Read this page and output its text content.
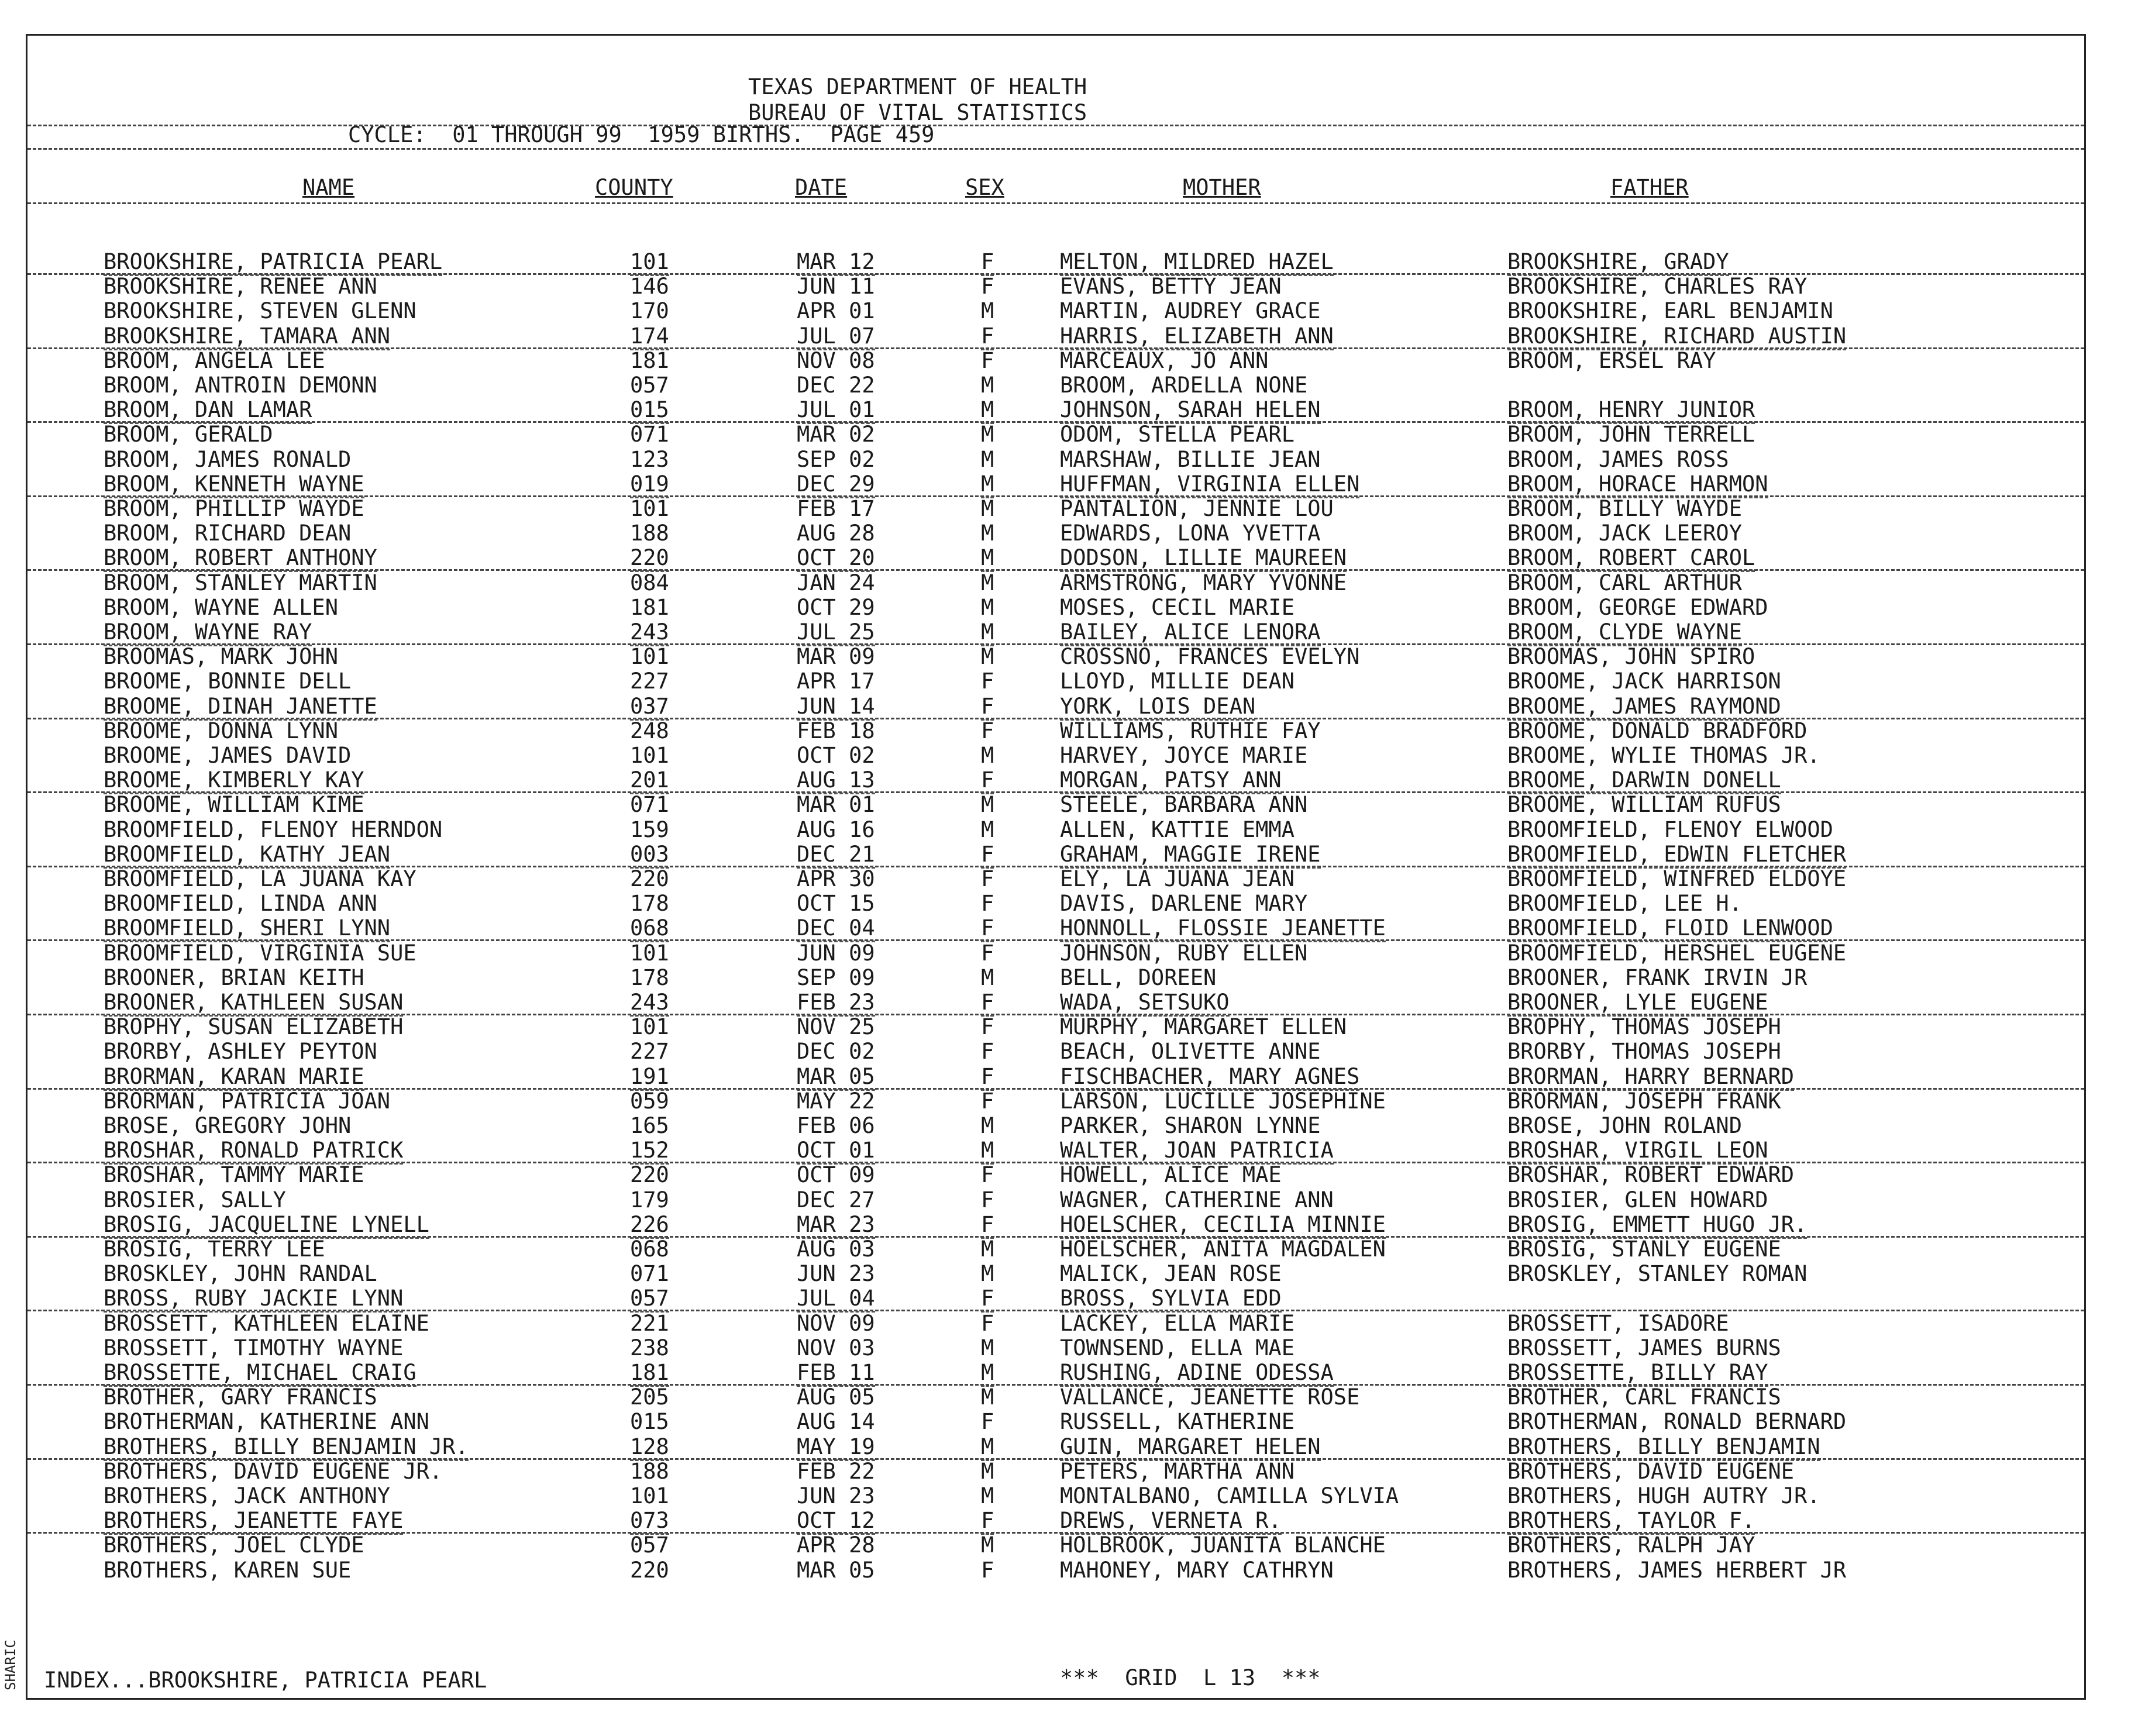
TEXAS DEPARTMENT OF HEALTH
BUREAU OF VITAL STATISTICS
CYCLE:  01 THROUGH 99  1959 BIRTHS.  PAGE 459
NAME	COUNTY	DATE	SEX	MOTHER	FATHER
BROOKSHIRE, PATRICIA PEARL	101	MAR 12	F	MELTON, MILDRED HAZEL	BROOKSHIRE, GRADY
BROOKSHIRE, RENEE ANN	146	JUN 11	F	EVANS, BETTY JEAN	BROOKSHIRE, CHARLES RAY
BROOKSHIRE, STEVEN GLENN	170	APR 01	M	MARTIN, AUDREY GRACE	BROOKSHIRE, EARL BENJAMIN
BROOKSHIRE, TAMARA ANN	174	JUL 07	F	HARRIS, ELIZABETH ANN	BROOKSHIRE, RICHARD AUSTIN
BROOM, ANGELA LEE	181	NOV 08	F	MARCEAUX, JO ANN	BROOM, ERSEL RAY
BROOM, ANTROIN DEMONN	057	DEC 22	M	BROOM, ARDELLA NONE
BROOM, DAN LAMAR	015	JUL 01	M	JOHNSON, SARAH HELEN	BROOM, HENRY JUNIOR
BROOM, GERALD	071	MAR 02	M	ODOM, STELLA PEARL	BROOM, JOHN TERRELL
BROOM, JAMES RONALD	123	SEP 02	M	MARSHAW, BILLIE JEAN	BROOM, JAMES ROSS
BROOM, KENNETH WAYNE	019	DEC 29	M	HUFFMAN, VIRGINIA ELLEN	BROOM, HORACE HARMON
BROOM, PHILLIP WAYDE	101	FEB 17	M	PANTALION, JENNIE LOU	BROOM, BILLY WAYDE
BROOM, RICHARD DEAN	188	AUG 28	M	EDWARDS, LONA YVETTA	BROOM, JACK LEEROY
BROOM, ROBERT ANTHONY	220	OCT 20	M	DODSON, LILLIE MAUREEN	BROOM, ROBERT CAROL
BROOM, STANLEY MARTIN	084	JAN 24	M	ARMSTRONG, MARY YVONNE	BROOM, CARL ARTHUR
BROOM, WAYNE ALLEN	181	OCT 29	M	MOSES, CECIL MARIE	BROOM, GEORGE EDWARD
BROOM, WAYNE RAY	243	JUL 25	M	BAILEY, ALICE LENORA	BROOM, CLYDE WAYNE
BROOMAS, MARK JOHN	101	MAR 09	M	CROSSNO, FRANCES EVELYN	BROOMAS, JOHN SPIRO
BROOME, BONNIE DELL	227	APR 17	F	LLOYD, MILLIE DEAN	BROOME, JACK HARRISON
BROOME, DINAH JANETTE	037	JUN 14	F	YORK, LOIS DEAN	BROOME, JAMES RAYMOND
BROOME, DONNA LYNN	248	FEB 18	F	WILLIAMS, RUTHIE FAY	BROOME, DONALD BRADFORD
BROOME, JAMES DAVID	101	OCT 02	M	HARVEY, JOYCE MARIE	BROOME, WYLIE THOMAS JR.
BROOME, KIMBERLY KAY	201	AUG 13	F	MORGAN, PATSY ANN	BROOME, DARWIN DONELL
BROOME, WILLIAM KIME	071	MAR 01	M	STEELE, BARBARA ANN	BROOME, WILLIAM RUFUS
BROOMFIELD, FLENOY HERNDON	159	AUG 16	M	ALLEN, KATTIE EMMA	BROOMFIELD, FLENOY ELWOOD
BROOMFIELD, KATHY JEAN	003	DEC 21	F	GRAHAM, MAGGIE IRENE	BROOMFIELD, EDWIN FLETCHER
BROOMFIELD, LA JUANA KAY	220	APR 30	F	ELY, LA JUANA JEAN	BROOMFIELD, WINFRED ELDOYE
BROOMFIELD, LINDA ANN	178	OCT 15	F	DAVIS, DARLENE MARY	BROOMFIELD, LEE H.
BROOMFIELD, SHERI LYNN	068	DEC 04	F	HONNOLL, FLOSSIE JEANETTE	BROOMFIELD, FLOID LENWOOD
BROOMFIELD, VIRGINIA SUE	101	JUN 09	F	JOHNSON, RUBY ELLEN	BROOMFIELD, HERSHEL EUGENE
BROONER, BRIAN KEITH	178	SEP 09	M	BELL, DOREEN	BROONER, FRANK IRVIN JR
BROONER, KATHLEEN SUSAN	243	FEB 23	F	WADA, SETSUKO	BROONER, LYLE EUGENE
BROPHY, SUSAN ELIZABETH	101	NOV 25	F	MURPHY, MARGARET ELLEN	BROPHY, THOMAS JOSEPH
BRORBY, ASHLEY PEYTON	227	DEC 02	F	BEACH, OLIVETTE ANNE	BRORBY, THOMAS JOSEPH
BRORMAN, KARAN MARIE	191	MAR 05	F	FISCHBACHER, MARY AGNES	BRORMAN, HARRY BERNARD
BRORMAN, PATRICIA JOAN	059	MAY 22	F	LARSON, LUCILLE JOSEPHINE	BRORMAN, JOSEPH FRANK
BROSE, GREGORY JOHN	165	FEB 06	M	PARKER, SHARON LYNNE	BROSE, JOHN ROLAND
BROSHAR, RONALD PATRICK	152	OCT 01	M	WALTER, JOAN PATRICIA	BROSHAR, VIRGIL LEON
BROSHAR, TAMMY MARIE	220	OCT 09	F	HOWELL, ALICE MAE	BROSHAR, ROBERT EDWARD
BROSIER, SALLY	179	DEC 27	F	WAGNER, CATHERINE ANN	BROSIER, GLEN HOWARD
BROSIG, JACQUELINE LYNELL	226	MAR 23	F	HOELSCHER, CECILIA MINNIE	BROSIG, EMMETT HUGO JR.
BROSIG, TERRY LEE	068	AUG 03	M	HOELSCHER, ANITA MAGDALEN	BROSIG, STANLY EUGENE
BROSKLEY, JOHN RANDAL	071	JUN 23	M	MALICK, JEAN ROSE	BROSKLEY, STANLEY ROMAN
BROSS, RUBY JACKIE LYNN	057	JUL 04	F	BROSS, SYLVIA EDD
BROSSETT, KATHLEEN ELAINE	221	NOV 09	F	LACKEY, ELLA MARIE	BROSSETT, ISADORE
BROSSETT, TIMOTHY WAYNE	238	NOV 03	M	TOWNSEND, ELLA MAE	BROSSETT, JAMES BURNS
BROSSETTE, MICHAEL CRAIG	181	FEB 11	M	RUSHING, ADINE ODESSA	BROSSETTE, BILLY RAY
BROTHER, GARY FRANCIS	205	AUG 05	M	VALLANCE, JEANETTE ROSE	BROTHER, CARL FRANCIS
BROTHERMAN, KATHERINE ANN	015	AUG 14	F	RUSSELL, KATHERINE	BROTHERMAN, RONALD BERNARD
BROTHERS, BILLY BENJAMIN JR.	128	MAY 19	M	GUIN, MARGARET HELEN	BROTHERS, BILLY BENJAMIN
BROTHERS, DAVID EUGENE JR.	188	FEB 22	M	PETERS, MARTHA ANN	BROTHERS, DAVID EUGENE
BROTHERS, JACK ANTHONY	101	JUN 23	M	MONTALBANO, CAMILLA SYLVIA	BROTHERS, HUGH AUTRY JR.
BROTHERS, JEANETTE FAYE	073	OCT 12	F	DREWS, VERNETA R.	BROTHERS, TAYLOR F.
BROTHERS, JOEL CLYDE	057	APR 28	M	HOLBROOK, JUANITA BLANCHE	BROTHERS, RALPH JAY
BROTHERS, KAREN SUE	220	MAR 05	F	MAHONEY, MARY CATHRYN	BROTHERS, JAMES HERBERT JR
INDEX...BROOKSHIRE, PATRICIA PEARL	***  GRID  L 13  ***
SHARIC
